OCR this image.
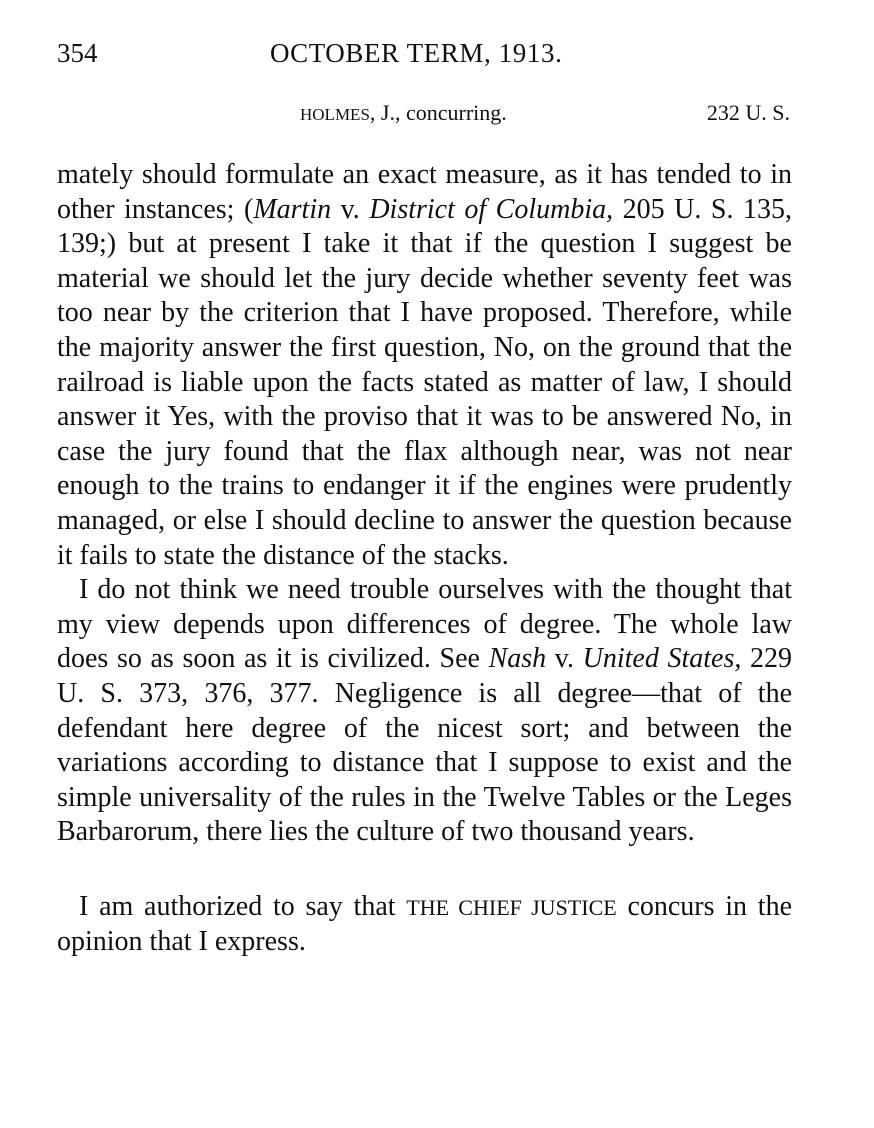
354	OCTOBER TERM, 1913.
HOLMES, J., concurring.	232 U. S.

mately should formulate an exact measure, as it has tended to in other instances; (Martin v. District of Columbia, 205 U. S. 135, 139;) but at present I take it that if the question I suggest be material we should let the jury decide whether seventy feet was too near by the criterion that I have proposed. Therefore, while the majority answer the first question, No, on the ground that the railroad is liable upon the facts stated as matter of law, I should answer it Yes, with the proviso that it was to be answered No, in case the jury found that the flax although near, was not near enough to the trains to endanger it if the engines were prudently managed, or else I should decline to answer the question because it fails to state the distance of the stacks.

I do not think we need trouble ourselves with the thought that my view depends upon differences of degree. The whole law does so as soon as it is civilized. See Nash v. United States, 229 U. S. 373, 376, 377. Negligence is all degree—that of the defendant here degree of the nicest sort; and between the variations according to distance that I suppose to exist and the simple universality of the rules in the Twelve Tables or the Leges Barbarorum, there lies the culture of two thousand years.

I am authorized to say that THE CHIEF JUSTICE concurs in the opinion that I express.
